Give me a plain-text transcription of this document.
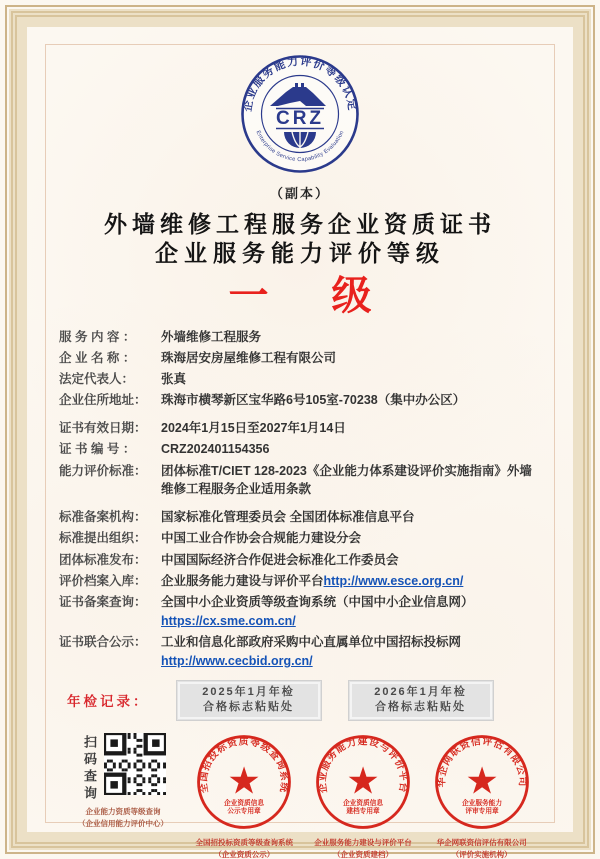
企业服务能力评价等级认定
Enterprise Service Capability Evaluation
CRZ
（副本）
外墙维修工程服务企业资质证书
企业服务能力评价等级
一 级
服 务 内 容 ：	外墙维修工程服务
企 业 名 称 ：	珠海居安房屋维修工程有限公司
法定代表人：	张真
企业住所地址：	珠海市横琴新区宝华路6号105室-70238（集中办公区）
证书有效日期：	2024年1月15日至2027年1月14日
证 书 编 号 ：	CRZ202401154356
能力评价标准：	团体标准T/CIET 128-2023《企业能力体系建设评价实施指南》外墙维修工程服务企业适用条款
标准备案机构：	国家标准化管理委员会 全国团体标准信息平台
标准提出组织：	中国工业合作协会合规能力建设分会
团体标准发布：	中国国际经济合作促进会标准化工作委员会
评价档案入库：	企业服务能力建设与评价平台http://www.esce.org.cn/
证书备案查询：	全国中小企业资质等级查询系统（中国中小企业信息网）
https://cx.sme.com.cn/
证书联合公示：	工业和信息化部政府采购中心直属单位中国招标投标网
http://www.cecbid.org.cn/
年检记录：
2025年1月年检
合格标志粘贴处
2026年1月年检
合格标志粘贴处
扫码查询
企业能力资质等级查询
（企业信用能力评价中心）
全国招投标资质等级查询系统
★
企业资质信息
公示专用章
全国招投标资质等级查询系统
（企业资质公示）
企业服务能力建设与评价平台
★
企业资质信息
建档专用章
企业服务能力建设与评价平台
（企业资质建档）
华企网联资信评估有限公司
★
企业服务能力
评审专用章
华企网联资信评估有限公司
（评价实施机构）
